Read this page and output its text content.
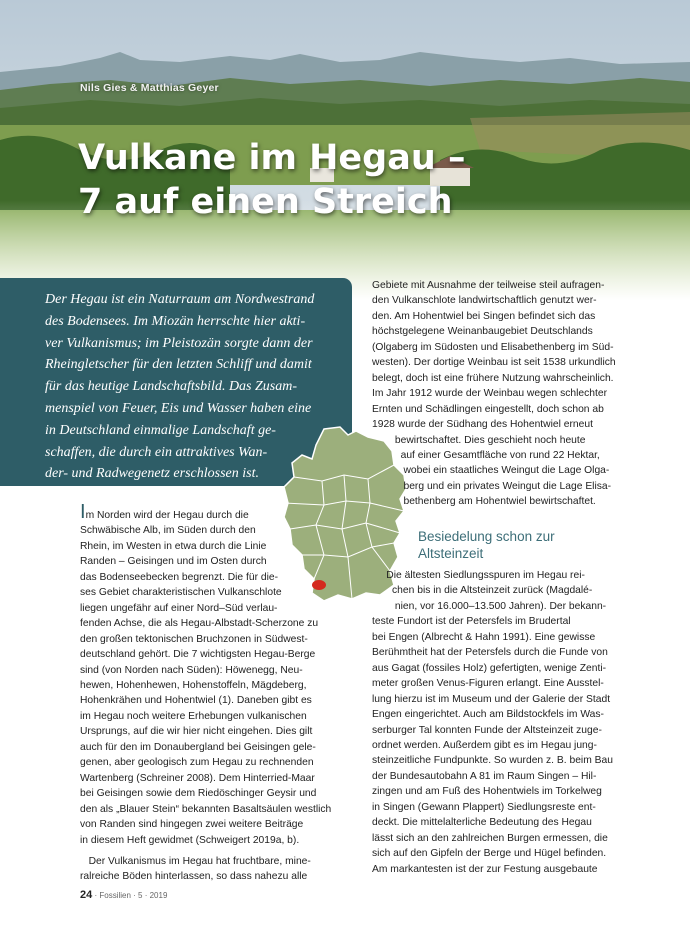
Nils Gies & Matthias Geyer
Vulkane im Hegau –
7 auf einen Streich

Der Hegau ist ein Naturraum am Nordwestrand
des Bodensees. Im Miozän herrschte hier akti-
ver Vulkanismus; im Pleistozän sorgte dann der
Rheingletscher für den letzten Schliff und damit
für das heutige Landschaftsbild. Das Zusam-
menspiel von Feuer, Eis und Wasser haben eine
in Deutschland einmalige Landschaft ge-
schaffen, die durch ein attraktives Wan-
der- und Radwegenetz erschlossen ist.

Im Norden wird der Hegau durch die
Schwäbische Alb, im Süden durch den
Rhein, im Westen in etwa durch die Linie
Randen – Geisingen und im Osten durch
das Bodenseebecken begrenzt. Die für die-
ses Gebiet charakteristischen Vulkanschlote
liegen ungefähr auf einer Nord–Süd verlau-
fenden Achse, die als Hegau-Albstadt-Scherzone zu
den großen tektonischen Bruchzonen in Südwest-
deutschland gehört. Die 7 wichtigsten Hegau-Berge
sind (von Norden nach Süden): Höwenegg, Neu-
hewen, Hohenhewen, Hohenstoffeln, Mägdeberg,
Hohenkrähen und Hohentwiel (1). Daneben gibt es
im Hegau noch weitere Erhebungen vulkanischen
Ursprungs, auf die wir hier nicht eingehen. Dies gilt
auch für den im Donaubergland bei Geisingen gele-
genen, aber geologisch zum Hegau zu rechnenden
Wartenberg (Schreiner 2008). Dem Hinterried-Maar
bei Geisingen sowie dem Riedöschinger Geysir und
den als „Blauer Stein“ bekannten Basaltsäulen westlich
von Randen sind hingegen zwei weitere Beiträge
in diesem Heft gewidmet (Schweigert 2019a, b).
Der Vulkanismus im Hegau hat fruchtbare, mine-
ralreiche Böden hinterlassen, so dass nahezu alle
Gebiete mit Ausnahme der teilweise steil aufragen-
den Vulkanschlote landwirtschaftlich genutzt wer-
den. Am Hohentwiel bei Singen befindet sich das
höchstgelegene Weinanbaugebiet Deutschlands
(Olgaberg im Südosten und Elisabethenberg im Süd-
westen). Der dortige Weinbau ist seit 1538 urkundlich
belegt, doch ist eine frühere Nutzung wahrscheinlich.
Im Jahr 1912 wurde der Weinbau wegen schlechter
Ernten und Schädlingen eingestellt, doch schon ab
1928 wurde der Südhang des Hohentwiel erneut
bewirtschaftet. Dies geschieht noch heute
auf einer Gesamtfläche von rund 22 Hektar,
wobei ein staatliches Weingut die Lage Olga-
berg und ein privates Weingut die Lage Elisa-
bethenberg am Hohentwiel bewirtschaftet.
Besiedelung schon zur
Altsteinzeit
Die ältesten Siedlungsspuren im Hegau rei-
chen bis in die Altsteinzeit zurück (Magdalé-
nien, vor 16.000–13.500 Jahren). Der bekann-
teste Fundort ist der Petersfels im Brudertal
bei Engen (Albrecht & Hahn 1991). Eine gewisse
Berühmtheit hat der Petersfels durch die Funde von
aus Gagat (fossiles Holz) gefertigten, wenige Zenti-
meter großen Venus-Figuren erlangt. Eine Ausstel-
lung hierzu ist im Museum und der Galerie der Stadt
Engen eingerichtet. Auch am Bildstockfels im Was-
serburger Tal konnten Funde der Altsteinzeit zuge-
ordnet werden. Außerdem gibt es im Hegau jung-
steinzeitliche Fundpunkte. So wurden z. B. beim Bau
der Bundesautobahn A 81 im Raum Singen – Hil-
zingen und am Fuß des Hohentwiels im Torkelweg
in Singen (Gewann Plappert) Siedlungsreste ent-
deckt. Die mittelalterliche Bedeutung des Hegau
lässt sich an den zahlreichen Burgen ermessen, die
sich auf den Gipfeln der Berge und Hügel befinden.
Am markantesten ist der zur Festung ausgebaute
24 · Fossilien · 5 · 2019
